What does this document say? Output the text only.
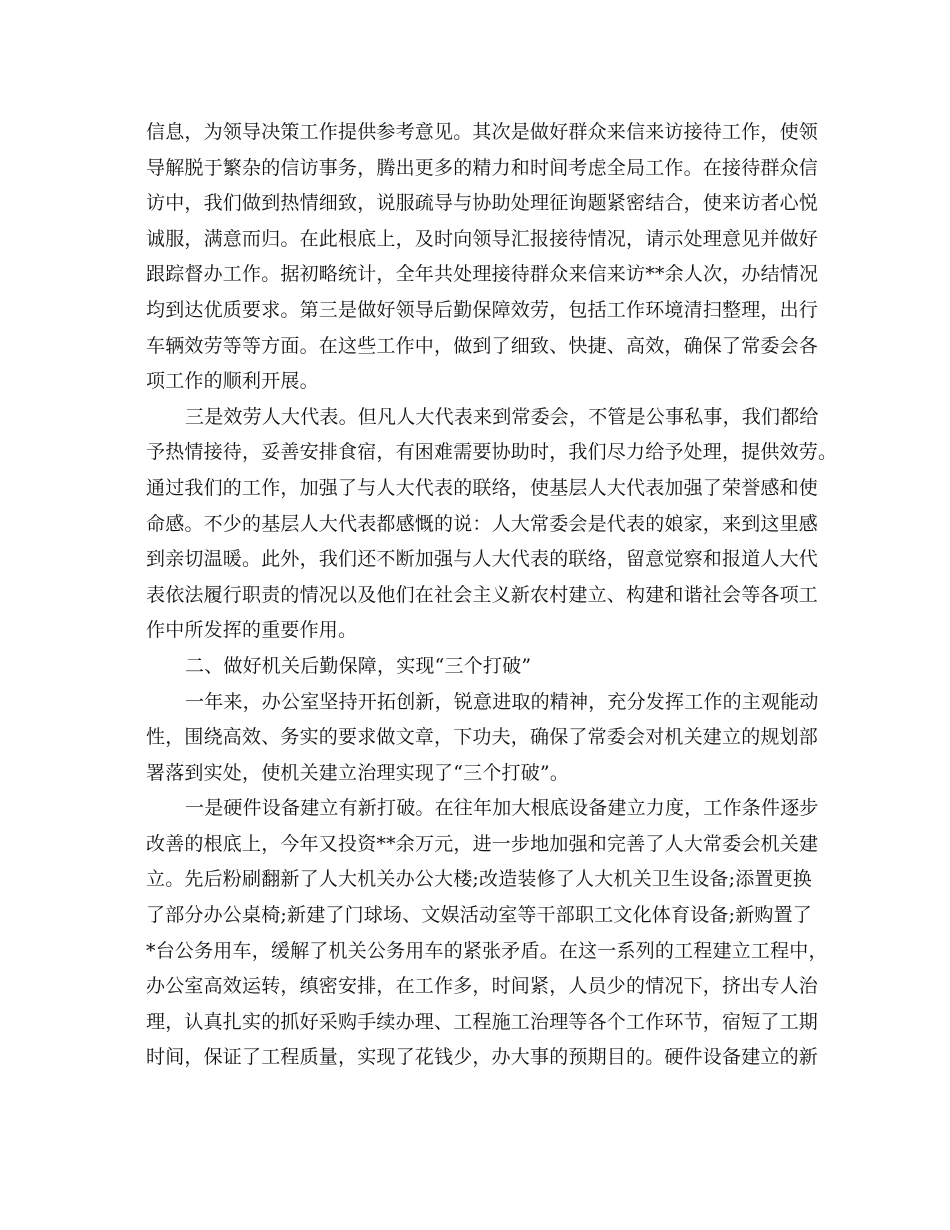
信息，为领导决策工作提供参考意见。其次是做好群众来信来访接待工作，使领
导解脱于繁杂的信访事务，腾出更多的精力和时间考虑全局工作。在接待群众信
访中，我们做到热情细致，说服疏导与协助处理征询题紧密结合，使来访者心悦
诚服，满意而归。在此根底上，及时向领导汇报接待情况，请示处理意见并做好
跟踪督办工作。据初略统计，全年共处理接待群众来信来访**余人次，办结情况
均到达优质要求。第三是做好领导后勤保障效劳，包括工作环境清扫整理，出行
车辆效劳等等方面。在这些工作中，做到了细致、快捷、高效，确保了常委会各
项工作的顺利开展。
三是效劳人大代表。但凡人大代表来到常委会，不管是公事私事，我们都给
予热情接待，妥善安排食宿，有困难需要协助时，我们尽力给予处理，提供效劳。
通过我们的工作，加强了与人大代表的联络，使基层人大代表加强了荣誉感和使
命感。不少的基层人大代表都感慨的说：人大常委会是代表的娘家，来到这里感
到亲切温暖。此外，我们还不断加强与人大代表的联络，留意觉察和报道人大代
表依法履行职责的情况以及他们在社会主义新农村建立、构建和谐社会等各项工
作中所发挥的重要作用。
二、做好机关后勤保障，实现“三个打破”
一年来，办公室坚持开拓创新，锐意进取的精神，充分发挥工作的主观能动
性，围绕高效、务实的要求做文章，下功夫，确保了常委会对机关建立的规划部
署落到实处，使机关建立治理实现了“三个打破”。
一是硬件设备建立有新打破。在往年加大根底设备建立力度，工作条件逐步
改善的根底上，今年又投资**余万元，进一步地加强和完善了人大常委会机关建
立。先后粉刷翻新了人大机关办公大楼;改造装修了人大机关卫生设备;添置更换
了部分办公桌椅;新建了门球场、文娱活动室等干部职工文化体育设备;新购置了
*台公务用车，缓解了机关公务用车的紧张矛盾。在这一系列的工程建立工程中，
办公室高效运转，缜密安排，在工作多，时间紧，人员少的情况下，挤出专人治
理，认真扎实的抓好采购手续办理、工程施工治理等各个工作环节，宿短了工期
时间，保证了工程质量，实现了花钱少，办大事的预期目的。硬件设备建立的新
